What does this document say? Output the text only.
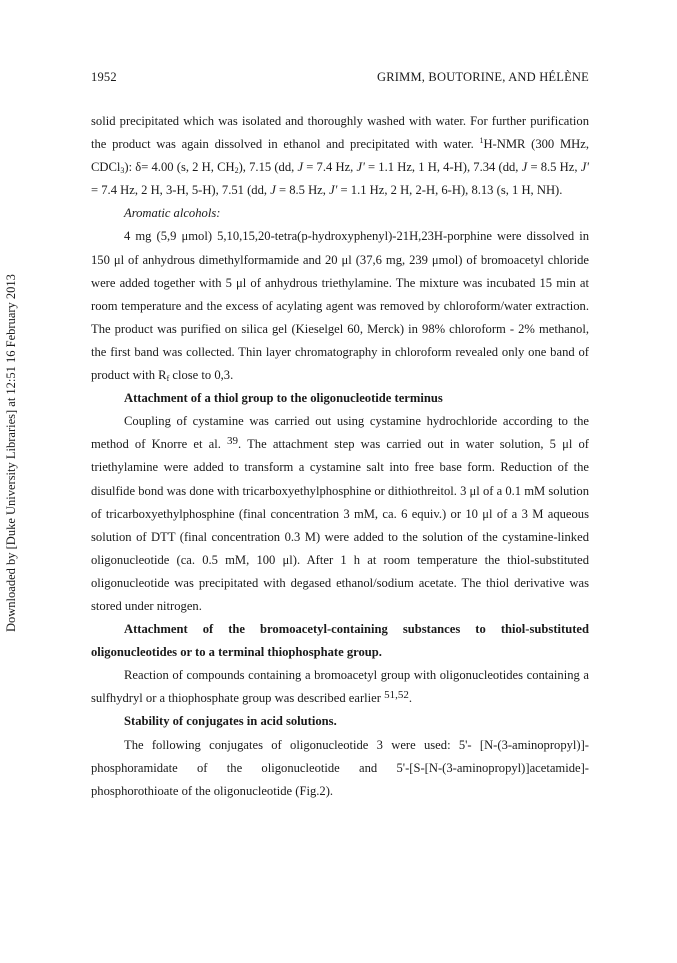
Downloaded by [Duke University Libraries] at 12:51 16 February 2013
1952	GRIMM, BOUTORINE, AND HÉLÈNE

solid precipitated which was isolated and thoroughly washed with water. For further purification the product was again dissolved in ethanol and precipitated with water. $^1$H-NMR (300 MHz, CDCl$_3$): δ= 4.00 (s, 2 H, $CH_2$), 7.15 (dd, J = 7.4 Hz, J' = 1.1 Hz, 1 H, 4-H), 7.34 (dd, J = 8.5 Hz, J' = 7.4 Hz, 2 H, 3-H, 5-H), 7.51 (dd, J = 8.5 Hz, J' = 1.1 Hz, 2 H, 2-H, 6-H), 8.13 (s, 1 H, NH).

Aromatic alcohols:

4 mg (5,9 μmol) 5,10,15,20-tetra(p-hydroxyphenyl)-21H,23H-porphine were dissolved in 150 μl of anhydrous dimethylformamide and 20 μl (37,6 mg, 239 μmol) of bromoacetyl chloride were added together with 5 μl of anhydrous triethylamine. The mixture was incubated 15 min at room temperature and the excess of acylating agent was removed by chloroform/water extraction. The product was purified on silica gel (Kieselgel 60, Merck) in 98% chloroform - 2% methanol, the first band was collected. Thin layer chromatography in chloroform revealed only one band of product with $R_f$ close to 0,3.

Attachment of a thiol group to the oligonucleotide terminus

Coupling of cystamine was carried out using cystamine hydrochloride according to the method of Knorre et al. 39. The attachment step was carried out in water solution, 5 μl of triethylamine were added to transform a cystamine salt into free base form. Reduction of the disulfide bond was done with tricarboxyethylphosphine or dithiothreitol. 3 μl of a 0.1 mM solution of tricarboxyethylphosphine (final concentration 3 mM, ca. 6 equiv.) or 10 μl of a 3 M aqueous solution of DTT (final concentration 0.3 M) were added to the solution of the cystamine-linked oligonucleotide (ca. 0.5 mM, 100 μl). After 1 h at room temperature the thiol-substituted oligonucleotide was precipitated with degased ethanol/sodium acetate. The thiol derivative was stored under nitrogen.

Attachment of the bromoacetyl-containing substances to thiol-substituted oligonucleotides or to a terminal thiophosphate group.

Reaction of compounds containing a bromoacetyl group with oligonucleotides containing a sulfhydryl or a thiophosphate group was described earlier 51,52.

Stability of conjugates in acid solutions.

The following conjugates of oligonucleotide 3 were used: 5'- [N-(3-aminopropyl)]-phosphoramidate of the oligonucleotide and 5'-[S-[N-(3-aminopropyl)]acetamide]-phosphorothioate of the oligonucleotide (Fig.2).
